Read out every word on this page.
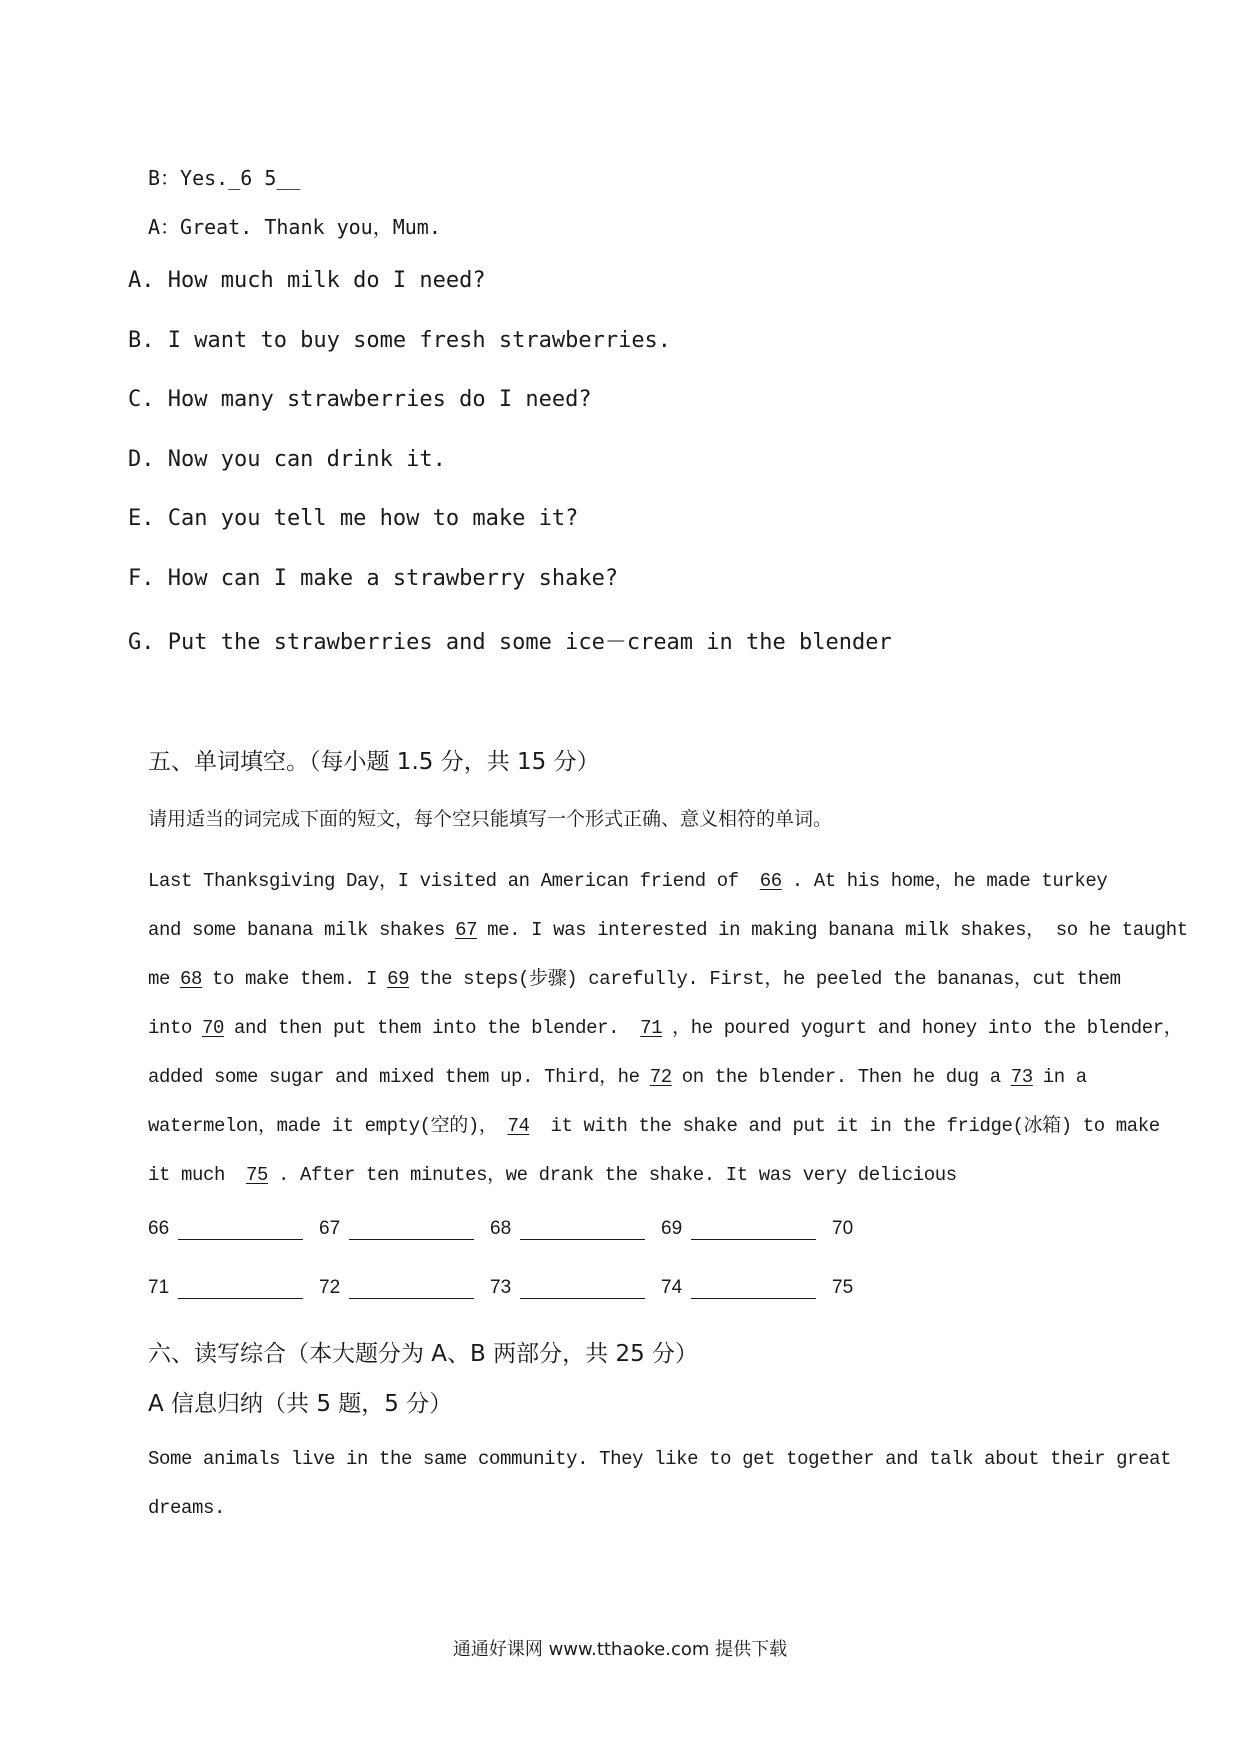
B：Yes._6 5__
A：Great. Thank you，Mum.
A. How much milk do I need?
B. I want to buy some fresh strawberries.
C. How many strawberries do I need?
D. Now you can drink it.
E. Can you tell me how to make it?
F. How can I make a strawberry shake?
G. Put the strawberries and some ice－cream in the blender
五、单词填空。（每小题 1.5 分，共 15 分）
请用适当的词完成下面的短文，每个空只能填写一个形式正确、意义相符的单词。
Last Thanksgiving Day，I visited an American friend of 66 . At his home，he made turkey
and some banana milk shakes 67 me. I was interested in making banana milk shakes， so he taught
me 68 to make them. I 69 the steps(步骤) carefully. First，he peeled the bananas，cut them
into 70 and then put them into the blender. 71 ，he poured yogurt and honey into the blender，
added some sugar and mixed them up. Third，he 72 on the blender. Then he dug a 73 in a
watermelon，made it empty(空的)， 74 it with the shake and put it in the fridge(冰箱) to make
it much 75 . After ten minutes，we drank the shake. It was very delicious
66	67	68	69	70
71	72	73	74	75
六、读写综合（本大题分为 A、B 两部分，共 25 分）
A 信息归纳（共 5 题，5 分）
Some animals live in the same community. They like to get together and talk about their great
dreams.
通通好课网 www.tthaoke.com 提供下载
